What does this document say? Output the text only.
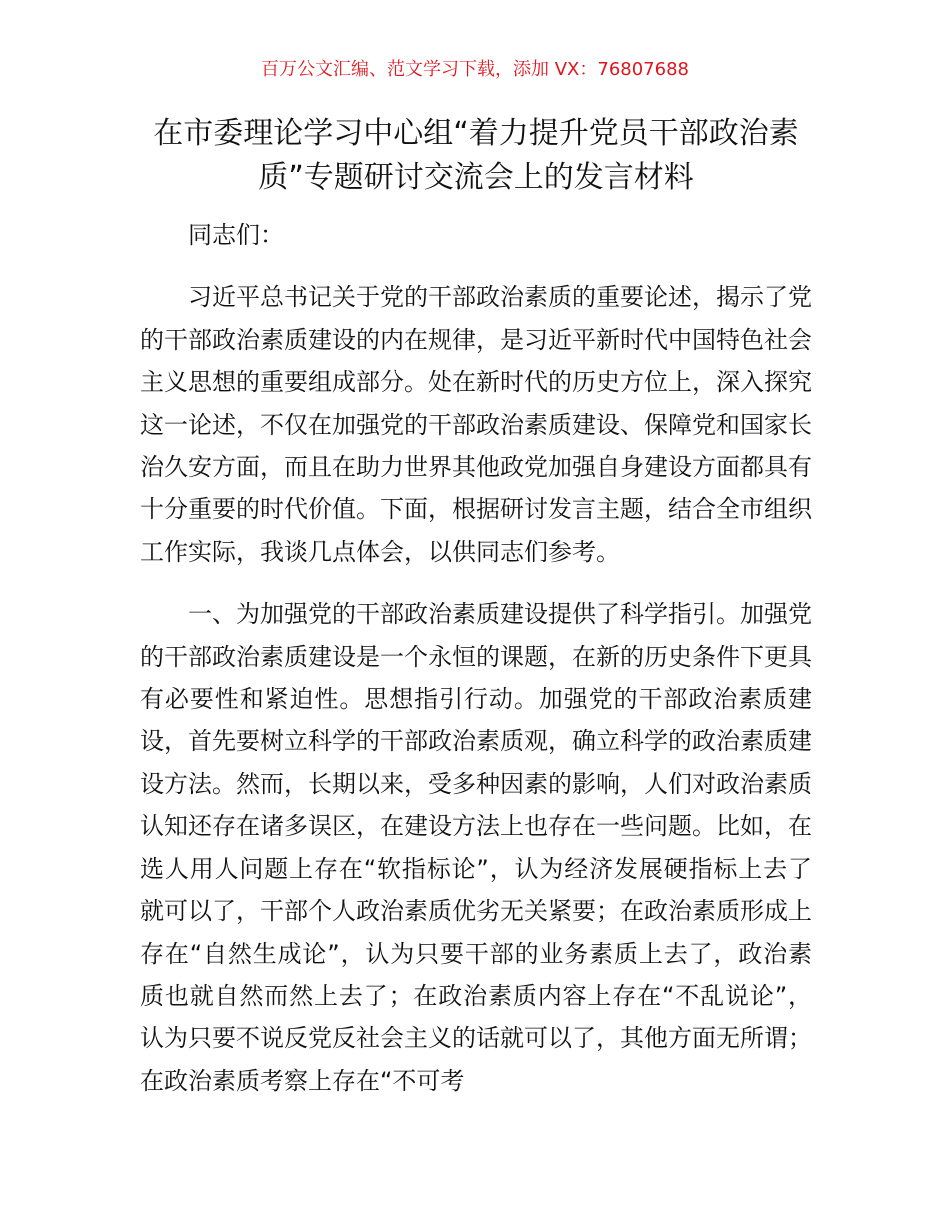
百万公文汇编、范文学习下载，添加 VX：76807688
在市委理论学习中心组“着力提升党员干部政治素质”专题研讨交流会上的发言材料

同志们：

习近平总书记关于党的干部政治素质的重要论述，揭示了党的干部政治素质建设的内在规律，是习近平新时代中国特色社会主义思想的重要组成部分。处在新时代的历史方位上，深入探究这一论述，不仅在加强党的干部政治素质建设、保障党和国家长治久安方面，而且在助力世界其他政党加强自身建设方面都具有十分重要的时代价值。下面，根据研讨发言主题，结合全市组织工作实际，我谈几点体会，以供同志们参考。

一、为加强党的干部政治素质建设提供了科学指引。加强党的干部政治素质建设是一个永恒的课题，在新的历史条件下更具有必要性和紧迫性。思想指引行动。加强党的干部政治素质建设，首先要树立科学的干部政治素质观，确立科学的政治素质建设方法。然而，长期以来，受多种因素的影响，人们对政治素质认知还存在诸多误区，在建设方法上也存在一些问题。比如，在选人用人问题上存在“软指标论”，认为经济发展硬指标上去了就可以了，干部个人政治素质优劣无关紧要；在政治素质形成上存在“自然生成论”，认为只要干部的业务素质上去了，政治素质也就自然而然上去了；在政治素质内容上存在“不乱说论”，认为只要不说反党反社会主义的话就可以了，其他方面无所谓；在政治素质考察上存在“不可考
